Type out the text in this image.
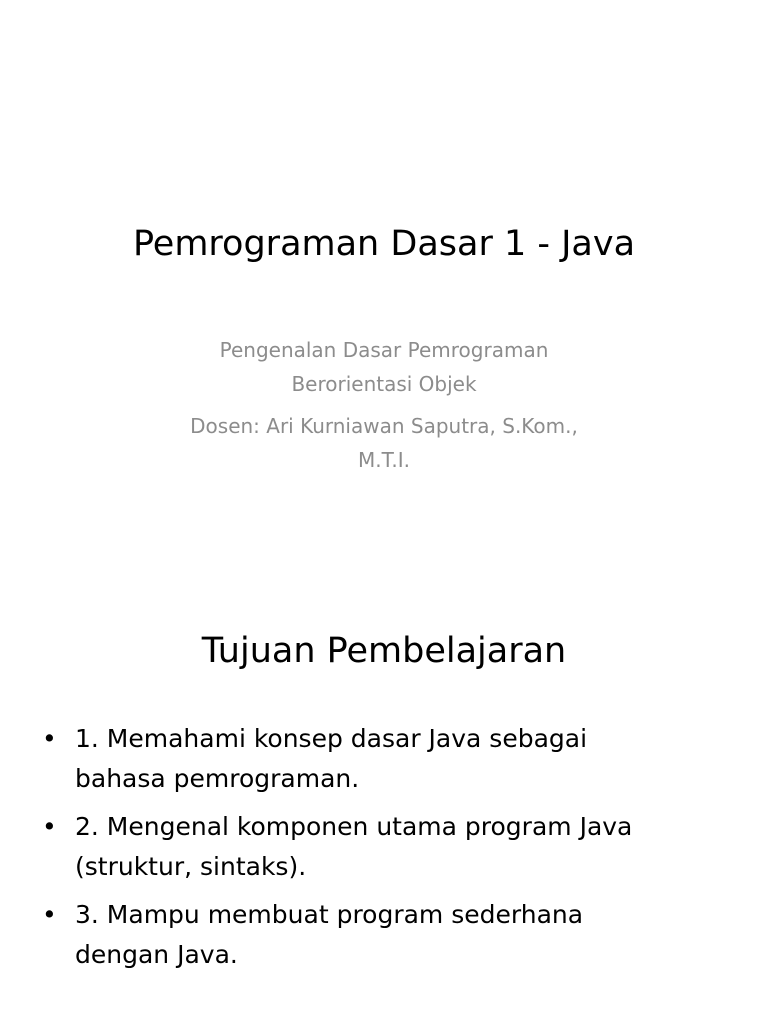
Pemrograman Dasar 1 - Java
Pengenalan Dasar Pemrograman
Berorientasi Objek
Dosen: Ari Kurniawan Saputra, S.Kom.,
M.T.I.
Tujuan Pembelajaran
• 1. Memahami konsep dasar Java sebagai
bahasa pemrograman.
• 2. Mengenal komponen utama program Java
(struktur, sintaks).
• 3. Mampu membuat program sederhana
dengan Java.
